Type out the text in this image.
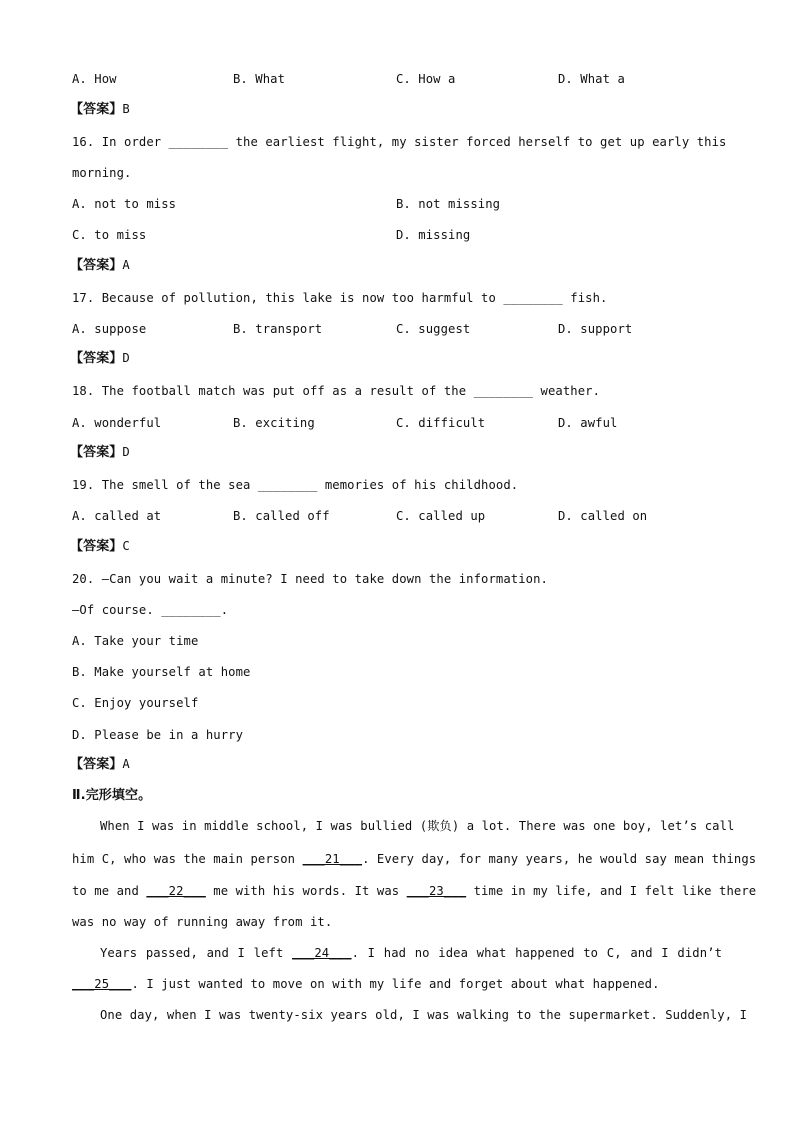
A. How	B. What	C. How a	D. What a
【答案】B
16. In order ________ the earliest flight, my sister forced herself to get up early this
morning.
A. not to miss	B. not missing
C. to miss	D. missing
【答案】A
17. Because of pollution, this lake is now too harmful to ________ fish.
A. suppose	B. transport	C. suggest	D. support
【答案】D
18. The football match was put off as a result of the ________ weather.
A. wonderful	B. exciting	C. difficult	D. awful
【答案】D
19. The smell of the sea ________ memories of his childhood.
A. called at	B. called off	C. called up	D. called on
【答案】C
20. —Can you wait a minute? I need to take down the information.
—Of course. ________.
A. Take your time
B. Make yourself at home
C. Enjoy yourself
D. Please be in a hurry
【答案】A
Ⅱ.完形填空。
When I was in middle school, I was bullied (欺负) a lot. There was one boy, let’s call
him C, who was the main person ___21___. Every day, for many years, he would say mean things
to me and ___22___ me with his words. It was ___23___ time in my life, and I felt like there
was no way of running away from it.
Years passed, and I left ___24___. I had no idea what happened to C, and I didn’t
___25___. I just wanted to move on with my life and forget about what happened.
One day, when I was twenty-six years old, I was walking to the supermarket. Suddenly, I
